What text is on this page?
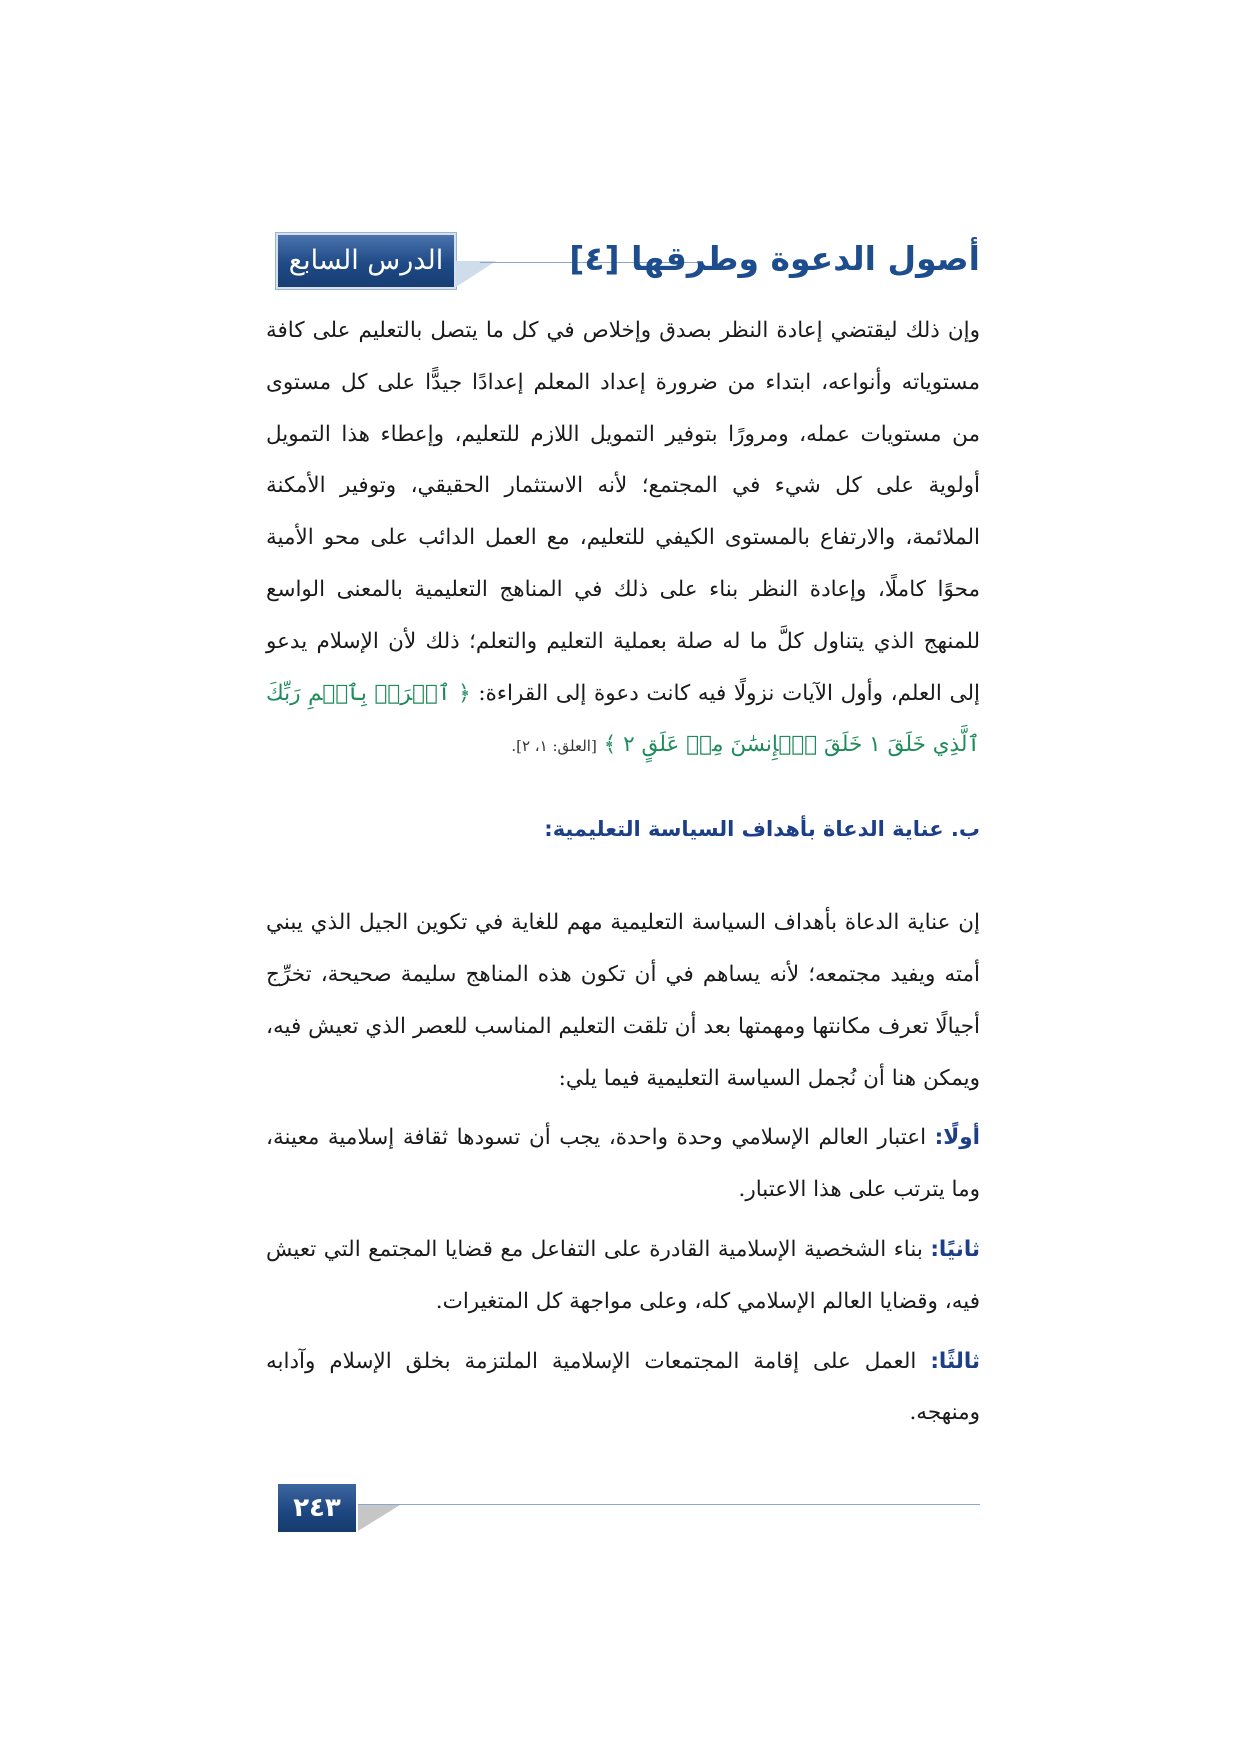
الدرس السابع	أصول الدعوة وطرقها [٤]

وإن ذلك ليقتضي إعادة النظر بصدق وإخلاص في كل ما يتصل بالتعليم على كافة مستوياته وأنواعه، ابتداء من ضرورة إعداد المعلم إعدادًا جيدًّا على كل مستوى من مستويات عمله، ومرورًا بتوفير التمويل اللازم للتعليم، وإعطاء هذا التمويل أولوية على كل شيء في المجتمع؛ لأنه الاستثمار الحقيقي، وتوفير الأمكنة الملائمة، والارتفاع بالمستوى الكيفي للتعليم، مع العمل الدائب على محو الأمية محوًا كاملًا، وإعادة النظر بناء على ذلك في المناهج التعليمية بالمعنى الواسع للمنهج الذي يتناول كلَّ ما له صلة بعملية التعليم والتعلم؛ ذلك لأن الإسلام يدعو إلى العلم، وأول الآيات نزولًا فيه كانت دعوة إلى القراءة: ﴿ ٱقۡرَأۡ بِٱسۡمِ رَبِّكَ ٱلَّذِي خَلَقَ ١ خَلَقَ ٱلۡإِنسَٰنَ مِنۡ عَلَقٍ ٢ ﴾ [العلق: ١، ٢].

ب. عناية الدعاة بأهداف السياسة التعليمية:

إن عناية الدعاة بأهداف السياسة التعليمية مهم للغاية في تكوين الجيل الذي يبني أمته ويفيد مجتمعه؛ لأنه يساهم في أن تكون هذه المناهج سليمة صحيحة، تخرِّج أجيالًا تعرف مكانتها ومهمتها بعد أن تلقت التعليم المناسب للعصر الذي تعيش فيه، ويمكن هنا أن نُجمل السياسة التعليمية فيما يلي:

أولًا: اعتبار العالم الإسلامي وحدة واحدة، يجب أن تسودها ثقافة إسلامية معينة، وما يترتب على هذا الاعتبار.

ثانيًا: بناء الشخصية الإسلامية القادرة على التفاعل مع قضايا المجتمع التي تعيش فيه، وقضايا العالم الإسلامي كله، وعلى مواجهة كل المتغيرات.

ثالثًا: العمل على إقامة المجتمعات الإسلامية الملتزمة بخلق الإسلام وآدابه ومنهجه.

٢٤٣
